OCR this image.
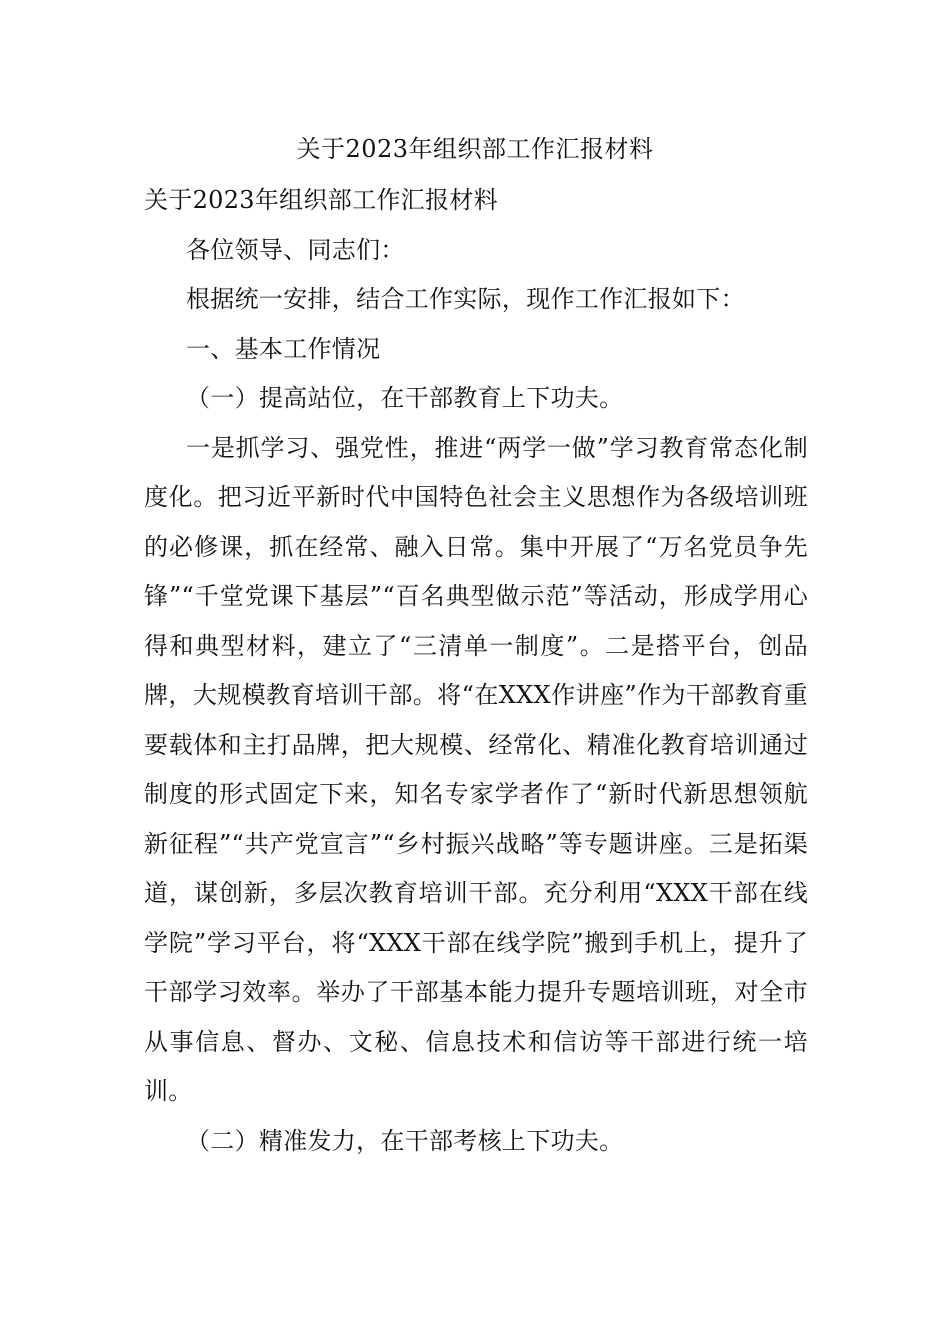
关于2023年组织部工作汇报材料

关于2023年组织部工作汇报材料

各位领导、同志们：

根据统一安排，结合工作实际，现作工作汇报如下：

一、基本工作情况

（一）提高站位，在干部教育上下功夫。

一是抓学习、强党性，推进“两学一做”学习教育常态化制度化。把习近平新时代中国特色社会主义思想作为各级培训班的必修课，抓在经常、融入日常。集中开展了“万名党员争先锋”“千堂党课下基层”“百名典型做示范”等活动，形成学用心得和典型材料，建立了“三清单一制度”。二是搭平台，创品牌，大规模教育培训干部。将“在XXX作讲座”作为干部教育重要载体和主打品牌，把大规模、经常化、精准化教育培训通过制度的形式固定下来，知名专家学者作了“新时代新思想领航新征程”“共产党宣言”“乡村振兴战略”等专题讲座。三是拓渠道，谋创新，多层次教育培训干部。充分利用“XXX干部在线学院”学习平台，将“XXX干部在线学院”搬到手机上，提升了干部学习效率。举办了干部基本能力提升专题培训班，对全市从事信息、督办、文秘、信息技术和信访等干部进行统一培训。

（二）精准发力，在干部考核上下功夫。
